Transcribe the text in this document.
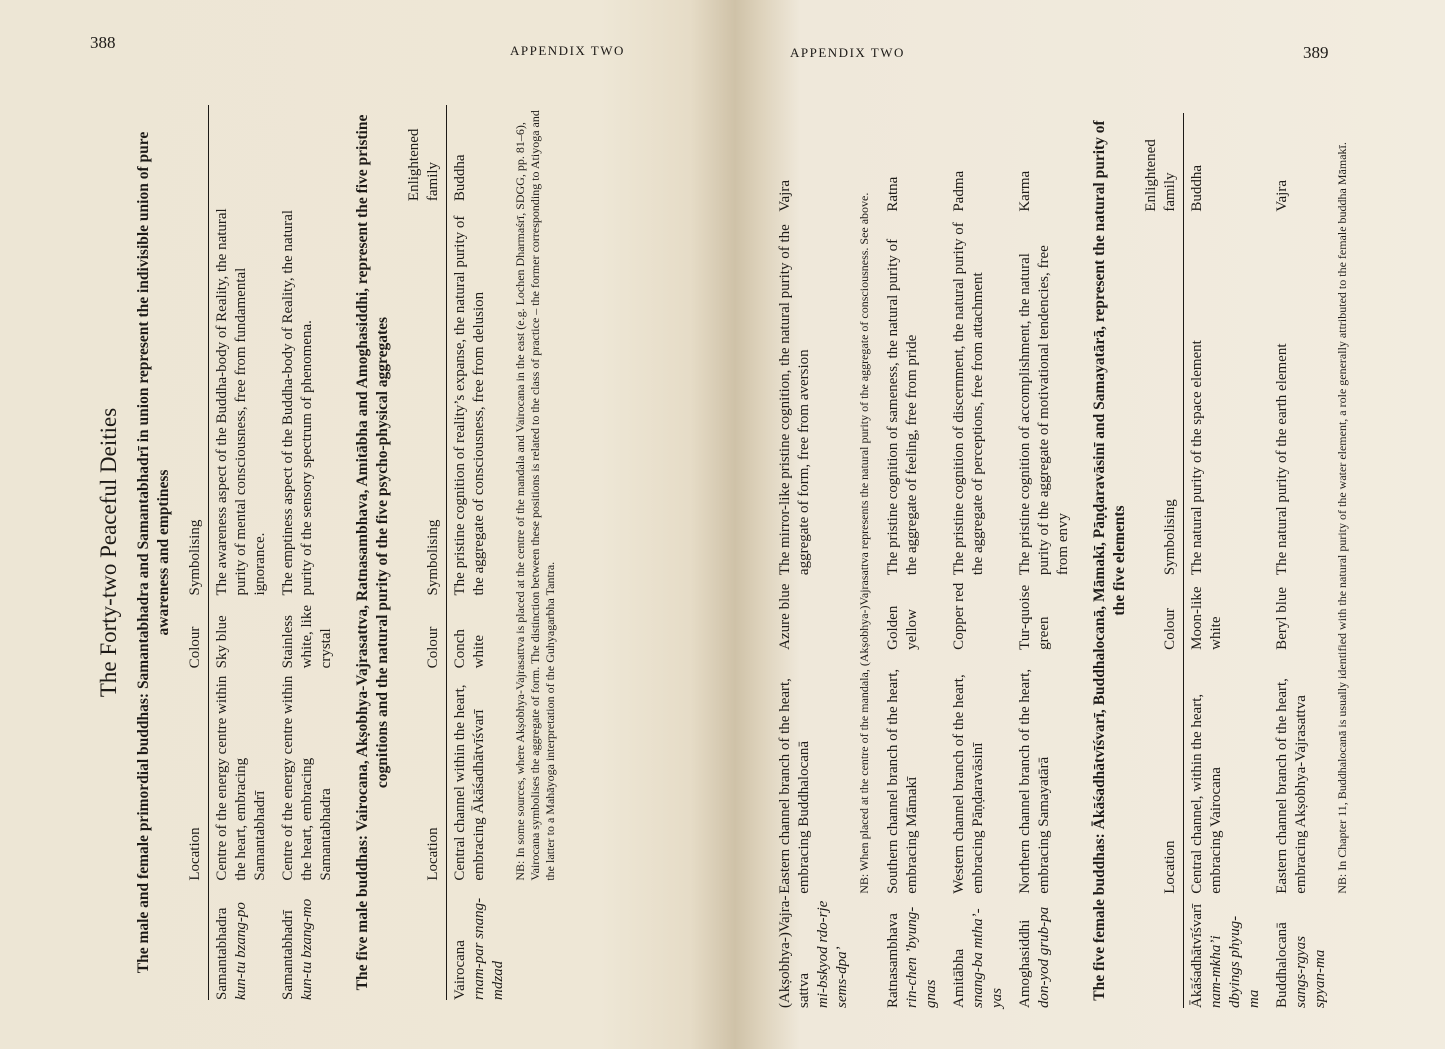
388	APPENDIX TWO
The Forty-two Peaceful Deities The male and female primordial buddhas: Samantabhadra and Samantabhadrī in union represent the indivisible union of pure awareness and emptiness
	Location	Colour	Symbolising	
Samantabhadra kun-tu bzang-po	Centre of the energy centre within the heart, embracing Samantabhadrī	Sky blue	The awareness aspect of the Buddha-body of Reality, the natural purity of mental consciousness, free from fundamental ignorance.	
Samantabhadrī kun-tu bzang-mo	Centre of the energy centre within the heart, embracing Samantabhadra	Stainless white, like crystal	The emptiness aspect of the Buddha-body of Reality, the natural purity of the sensory spectrum of phenomena.		The five male buddhas: Vairocana, Akṣobhya-Vajrasattva, Ratnasambhava, Amitābha and Amoghasiddhi, represent the five pristine cognitions and the natural purity of the five psycho-physical aggregates
	Location	Colour	Symbolising	Enlightened family
Vairocana rnam-par snang-mdzad	Central channel within the heart, embracing Ākāśadhātvīśvarī	Conch white	The pristine cognition of reality’s expanse, the natural purity of the aggregate of consciousness, free from delusion	Buddha
	NB: In some sources, where Akṣobhya-Vajrasattva is placed at the centre of the mandala and Vairocana in the east (e.g. Lochen Dharmaśrī, SDGG, pp. 81–6), Vairocana symbolises the aggregate of form. The distinction between these positions is related to the class of practice – the former corresponding to Atiyoga and the latter to a Mahāyoga interpretation of the Guhyagarbha Tantra.			
APPENDIX TWO	389
(Akṣobhya-)Vajra-sattva mi-bskyod rdo-rje sems-dpa’	Eastern channel branch of the heart, embracing Buddhalocanā	Azure blue	The mirror-like pristine cognition, the natural purity of the aggregate of form, free from aversion	Vajra
	NB: When placed at the centre of the mandala, (Akṣobhya-)Vajrasattva represents the natural purity of the aggregate of consciousness. See above.			
Ratnasambhava rin-chen ’byung-gnas	Southern channel branch of the heart, embracing Māmakī	Golden yellow	The pristine cognition of sameness, the natural purity of the aggregate of feeling, free from pride	Ratna
Amitābha snang-ba mtha’-yas	Western channel branch of the heart, embracing Pāṇḍaravāsinī	Copper red	The pristine cognition of discernment, the natural purity of the aggregate of perceptions, free from attachment	Padma
Amoghasiddhi don-yod grub-pa	Northern channel branch of the heart, embracing Samayatārā	Tur-quoise green	The pristine cognition of accomplishment, the natural purity of the aggregate of motivational tendencies, free from envy	Karma	The five female buddhas: Ākāśadhātvīśvarī, Buddhalocanā, Māmakī, Pāṇḍaravāsinī and Samayatārā, represent the natural purity of the five elements
	Location	Colour	Symbolising	Enlightened family
Ākāśadhātvīśvarī nam-mkha’i dbyings phyug-ma	Central channel, within the heart, embracing Vairocana	Moon-like white	The natural purity of the space element	Buddha
Buddhalocanā sangs-rgyas spyan-ma	Eastern channel branch of the heart, embracing Akṣobhya-Vajrasattva	Beryl blue	The natural purity of the earth element	Vajra
	NB: In Chapter 11, Buddhalocanā is usually identified with the natural purity of the water element, a role generally attributed to the female buddha Māmakī.			
